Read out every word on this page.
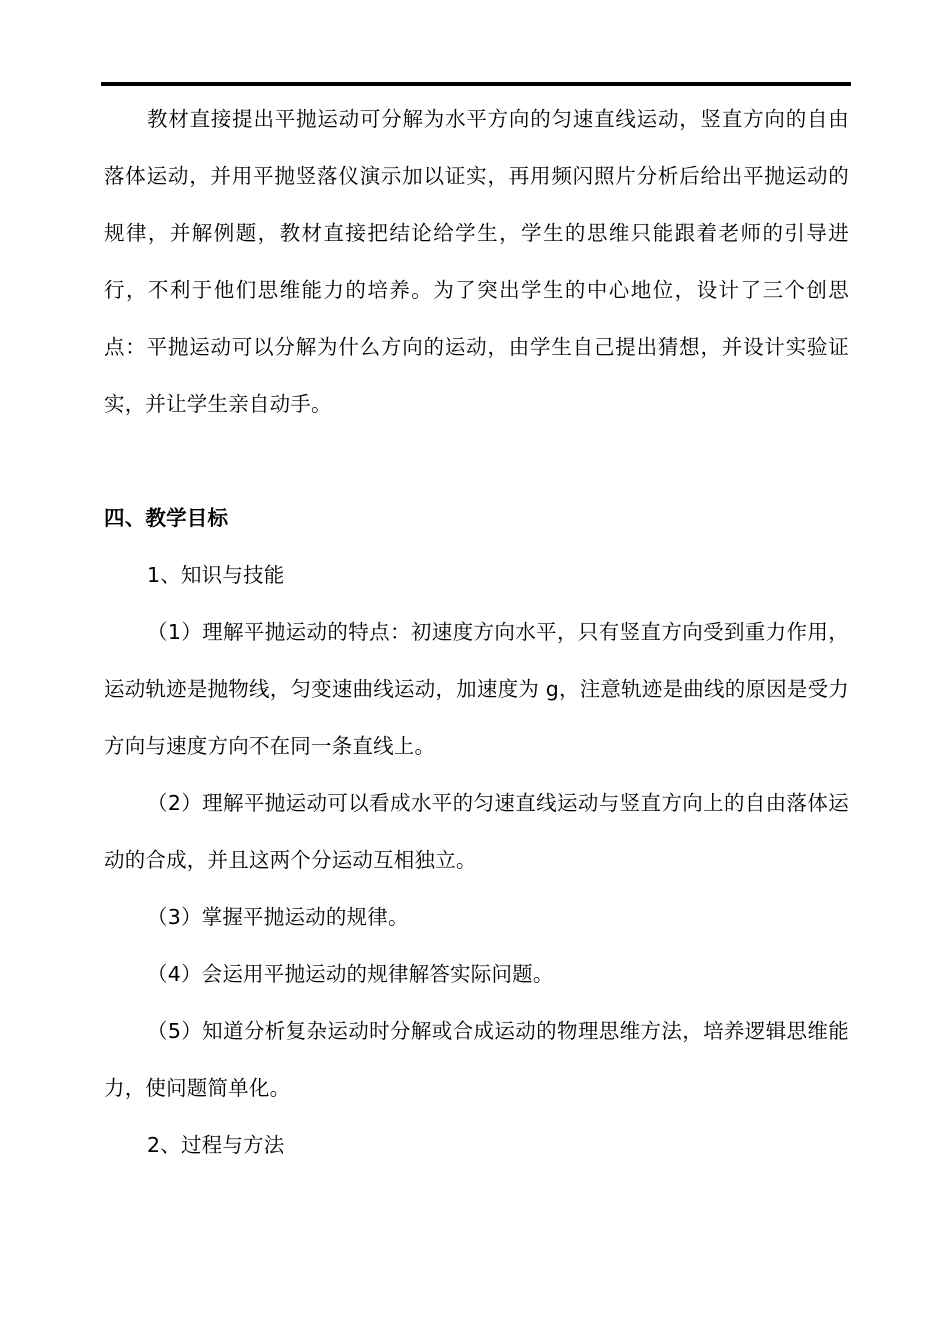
教材直接提出平抛运动可分解为水平方向的匀速直线运动，竖直方向的自由落体运动，并用平抛竖落仪演示加以证实，再用频闪照片分析后给出平抛运动的规律，并解例题，教材直接把结论给学生，学生的思维只能跟着老师的引导进行，不利于他们思维能力的培养。为了突出学生的中心地位，设计了三个创思点：平抛运动可以分解为什么方向的运动，由学生自己提出猜想，并设计实验证实，并让学生亲自动手。

四、教学目标

1、知识与技能

（1）理解平抛运动的特点：初速度方向水平，只有竖直方向受到重力作用，运动轨迹是抛物线，匀变速曲线运动，加速度为 g，注意轨迹是曲线的原因是受力方向与速度方向不在同一条直线上。

（2）理解平抛运动可以看成水平的匀速直线运动与竖直方向上的自由落体运动的合成，并且这两个分运动互相独立。

（3）掌握平抛运动的规律。

（4）会运用平抛运动的规律解答实际问题。

（5）知道分析复杂运动时分解或合成运动的物理思维方法，培养逻辑思维能力，使问题简单化。

2、过程与方法
